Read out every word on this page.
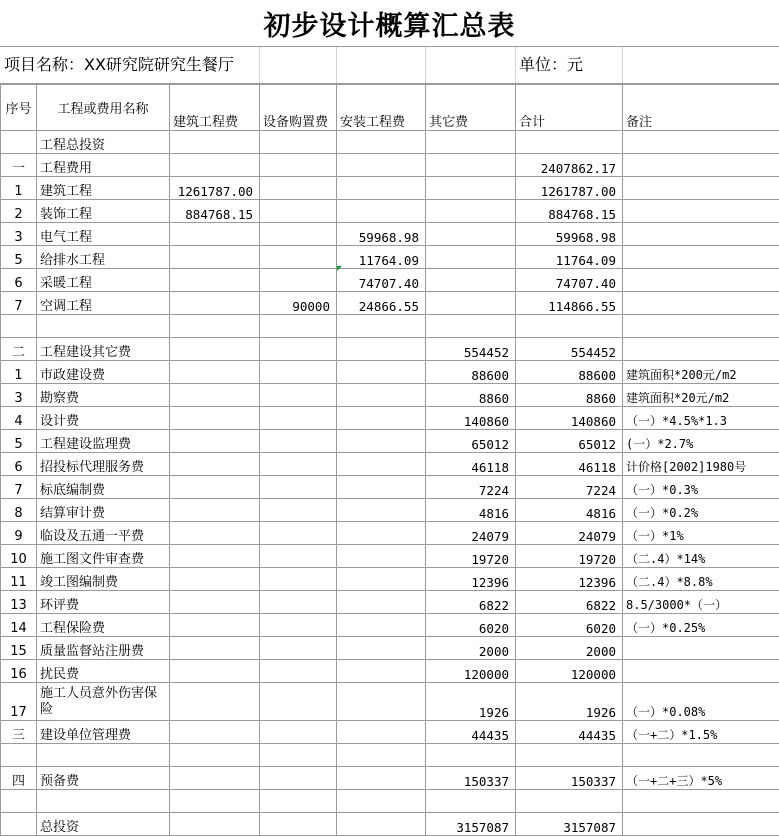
初步设计概算汇总表
项目名称：XX研究院研究生餐厅	单位：元
序号	工程或费用名称	建筑工程费	设备购置费	安装工程费	其它费	合计	备注
	工程总投资						
一	工程费用					2407862.17	
1	建筑工程	1261787.00				1261787.00	
2	装饰工程	884768.15				884768.15	
3	电气工程			59968.98		59968.98	
5	给排水工程			11764.09		11764.09	
6	采暖工程			74707.40		74707.40	
7	空调工程		90000	24866.55		114866.55	

二	工程建设其它费				554452	554452	
1	市政建设费				88600	88600	建筑面积*200元/m2
3	勘察费				8860	8860	建筑面积*20元/m2
4	设计费				140860	140860	（一）*4.5%*1.3
5	工程建设监理费				65012	65012	(一）*2.7%
6	招投标代理服务费				46118	46118	计价格[2002]1980号
7	标底编制费				7224	7224	（一）*0.3%
8	结算审计费				4816	4816	（一）*0.2%
9	临设及五通一平费				24079	24079	（一）*1%
10	施工图文件审查费				19720	19720	（二.4）*14%
11	竣工图编制费				12396	12396	（二.4）*8.8%
13	环评费				6822	6822	8.5/3000*（一）
14	工程保险费				6020	6020	（一）*0.25%
15	质量监督站注册费				2000	2000	
16	扰民费				120000	120000	
17	施工人员意外伤害保险				1926	1926	（一）*0.08%
三	建设单位管理费				44435	44435	（一+二）*1.5%

四	预备费				150337	150337	（一+二+三）*5%

	总投资				3157087	3157087	
